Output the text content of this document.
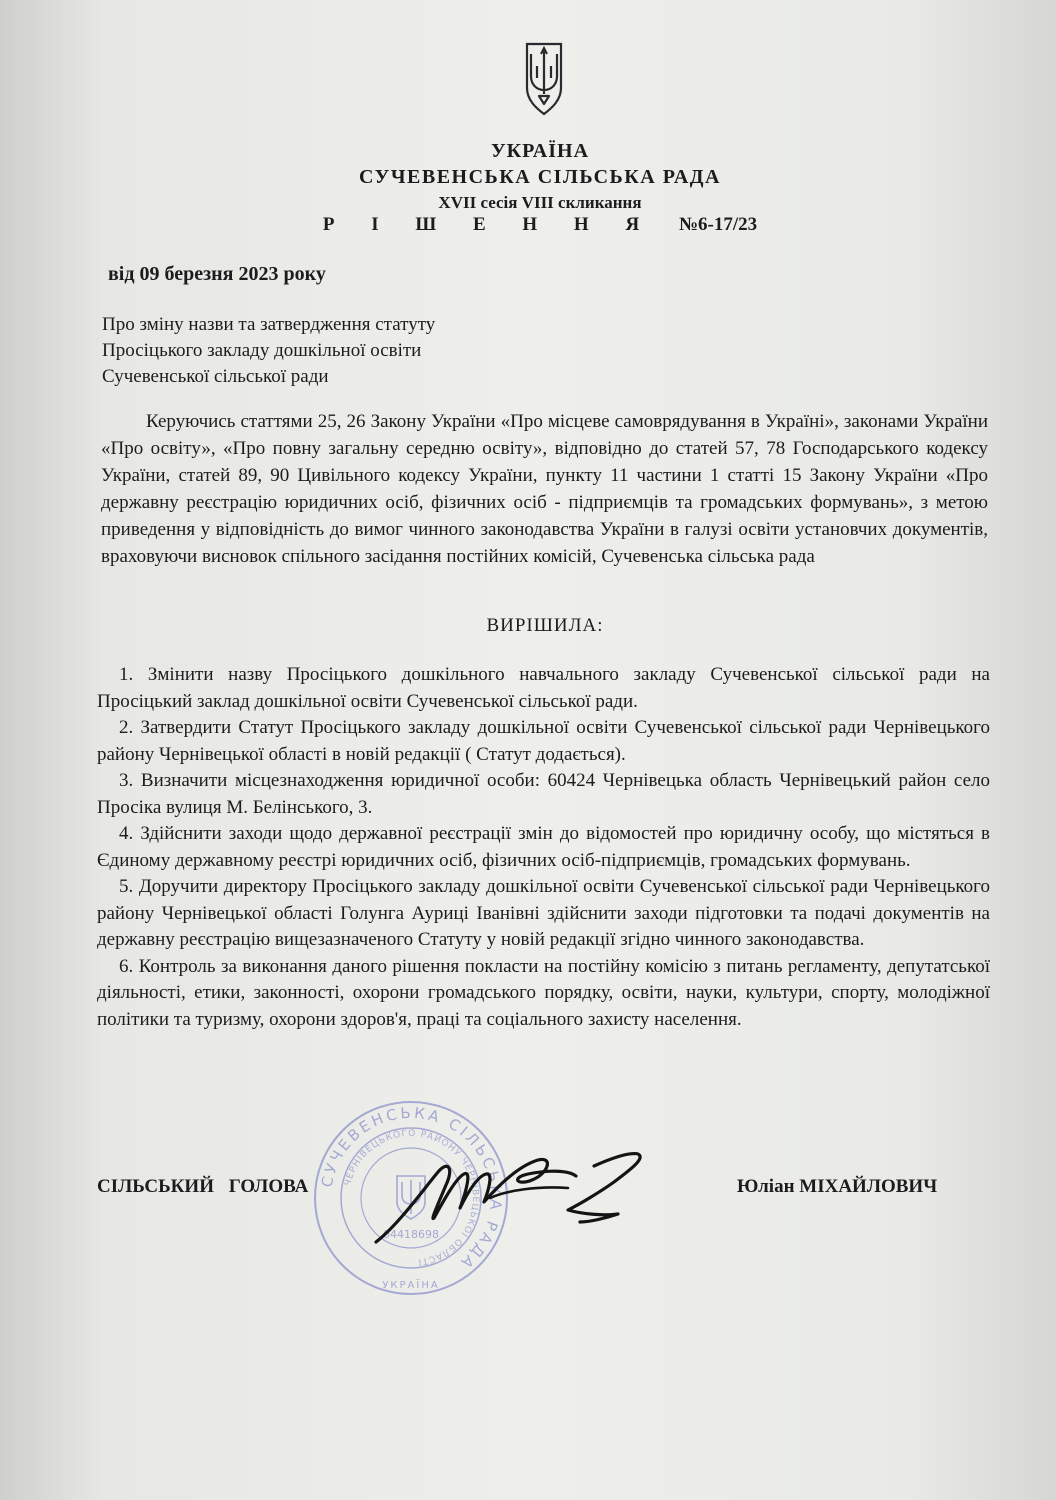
УКРАЇНА
СУЧЕВЕНСЬКА СІЛЬСЬКА РАДА
XVII сесія VIII скликання
Р І Ш Е Н Н Я №6-17/23
від 09 березня 2023 року
Про зміну назви та затвердження статуту
Просіцького закладу дошкільної освіти
Сучевенської сільської ради
Керуючись статтями 25, 26 Закону України «Про місцеве самоврядування в Україні», законами України «Про освіту», «Про повну загальну середню освіту», відповідно до статей 57, 78 Господарського кодексу України, статей 89, 90 Цивільного кодексу України, пункту 11 частини 1 статті 15 Закону України «Про державну реєстрацію юридичних осіб, фізичних осіб - підприємців та громадських формувань», з метою приведення у відповідність до вимог чинного законодавства України в галузі освіти установчих документів, враховуючи висновок спільного засідання постійних комісій, Сучевенська сільська рада
ВИРІШИЛА:
1. Змінити назву Просіцького дошкільного навчального закладу Сучевенської сільської ради на Просіцький заклад дошкільної освіти Сучевенської сільської ради.
2. Затвердити Статут Просіцького закладу дошкільної освіти Сучевенської сільської ради Чернівецького району Чернівецької області в новій редакції ( Статут додається).
3. Визначити місцезнаходження юридичної особи: 60424 Чернівецька область Чернівецький район село Просіка вулиця М. Белінського, 3.
4. Здійснити заходи щодо державної реєстрації змін до відомостей про юридичну особу, що містяться в Єдиному державному реєстрі юридичних осіб, фізичних осіб-підприємців, громадських формувань.
5. Доручити директору Просіцького закладу дошкільної освіти Сучевенської сільської ради Чернівецького району Чернівецької області Голунга Ауриці Іванівні здійснити заходи підготовки та подачі документів на державну реєстрацію вищезазначеного Статуту у новій редакції згідно чинного законодавства.
6. Контроль за виконання даного рішення покласти на постійну комісію з питань регламенту, депутатської діяльності, етики, законності, охорони громадського порядку, освіти, науки, культури, спорту, молодіжної політики та туризму, охорони здоров'я, праці та соціального захисту населення.
СУЧЕВЕНСЬКА СІЛЬСЬКА РАДА
ЧЕРНІВЕЦЬКОГО РАЙОНУ ЧЕРНІВЕЦЬКОЇ ОБЛАСТІ
04418698
УКРАЇНА
СІЛЬСЬКИЙ ГОЛОВА	Юліан МІХАЙЛОВИЧ
